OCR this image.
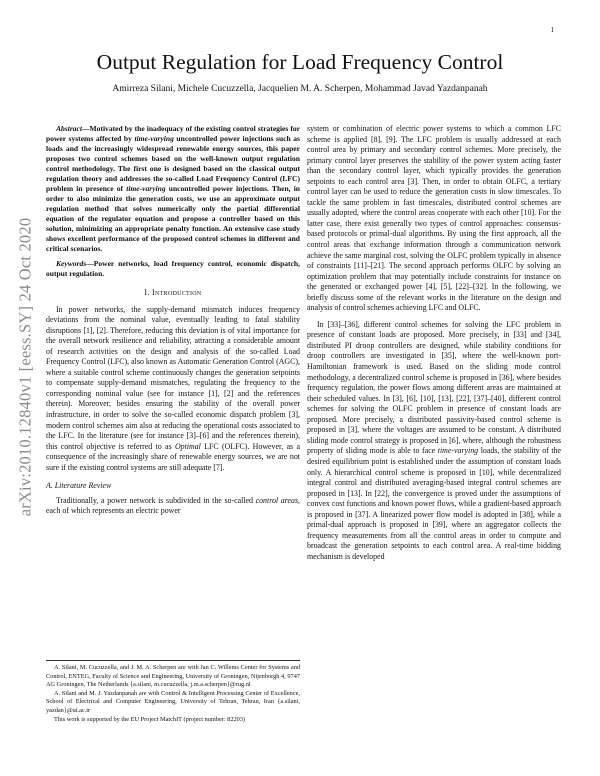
1
arXiv:2010.12840v1 [eess.SY] 24 Oct 2020
Output Regulation for Load Frequency Control

Amirreza Silani, Michele Cucuzzella, Jacquelien M. A. Scherpen, Mohammad Javad Yazdanpanah

Abstract—Motivated by the inadequacy of the existing control strategies for power systems affected by time-varying uncontrolled power injections such as loads and the increasingly widespread renewable energy sources, this paper proposes two control schemes based on the well-known output regulation control methodology. The first one is designed based on the classical output regulation theory and addresses the so-called Load Frequency Control (LFC) problem in presence of time-varying uncontrolled power injections. Then, in order to also minimize the generation costs, we use an approximate output regulation method that solves numerically only the partial differential equation of the regulator equation and propose a controller based on this solution, minimizing an appropriate penalty function. An extensive case study shows excellent performance of the proposed control schemes in different and critical scenarios.

Keywords—Power networks, load frequency control, economic dispatch, output regulation.

I. Introduction

In power networks, the supply-demand mismatch induces frequency deviations from the nominal value, eventually leading to fatal stability disruptions [1], [2]. Therefore, reducing this deviation is of vital importance for the overall network resilience and reliability, attracting a considerable amount of research activities on the design and analysis of the so-called Load Frequency Control (LFC), also known as Automatic Generation Control (AGC), where a suitable control scheme continuously changes the generation setpoints to compensate supply-demand mismatches, regulating the frequency to the corresponding nominal value (see for instance [1], [2] and the references therein). Moreover, besides ensuring the stability of the overall power infrastructure, in order to solve the so-called economic dispatch problem [3], modern control schemes aim also at reducing the operational costs associated to the LFC. In the literature (see for instance [3]–[6] and the references therein), this control objective is referred to as Optimal LFC (OLFC). However, as a consequence of the increasingly share of renewable energy sources, we are not sure if the existing control systems are still adequate [7].

A. Literature Review

Traditionally, a power network is subdivided in the so-called control areas, each of which represents an electric power

A. Silani, M. Cucuzzella, and J. M. A. Scherpen are with Jan C. Willems Center for Systems and Control, ENTEG, Faculty of Science and Engineering, University of Groningen, Nijenborgh 4, 9747 AG Groningen, The Netherlands {a.silani, m.cucuzzella, j.m.a.scherpen}@rug.nl

A. Silani and M. J. Yazdanpanah are with Control & Intelligent Processing Center of Excellence, School of Electrical and Computer Engineering, University of Tehran, Tehran, Iran {a.silani, yazdan}@ut.ac.ir

This work is supported by the EU Project MatchIT (project number: 82203)

system or combination of electric power systems to which a common LFC scheme is applied [8], [9]. The LFC problem is usually addressed at each control area by primary and secondary control schemes. More precisely, the primary control layer preserves the stability of the power system acting faster than the secondary control layer, which typically provides the generation setpoints to each control area [3]. Then, in order to obtain OLFC, a tertiary control layer can be used to reduce the generation costs in slow timescales. To tackle the same problem in fast timescales, distributed control schemes are usually adopted, where the control areas cooperate with each other [10]. For the latter case, there exist generally two types of control approaches: consensus-based protocols or primal-dual algorithms. By using the first approach, all the control areas that exchange information through a communication network achieve the same marginal cost, solving the OLFC problem typically in absence of constraints [11]–[21]. The second approach performs OLFC by solving an optimization problem that may potentially include constraints for instance on the generated or exchanged power [4], [5], [22]–[32]. In the following, we briefly discuss some of the relevant works in the literature on the design and analysis of control schemes achieving LFC and OLFC.

In [33]–[36], different control schemes for solving the LFC problem in presence of constant loads are proposed. More precisely, in [33] and [34], distributed PI droop controllers are designed, while stability conditions for droop controllers are investigated in [35], where the well-known port-Hamiltonian framework is used. Based on the sliding mode control methodology, a decentralized control scheme is proposed in [36], where besides frequency regulation, the power flows among different areas are maintained at their scheduled values. In [3], [6], [10], [13], [22], [37]–[40], different control schemes for solving the OLFC problem in presence of constant loads are proposed. More precisely, a distributed passivity-based control scheme is proposed in [3], where the voltages are assumed to be constant. A distributed sliding mode control strategy is proposed in [6], where, although the robustness property of sliding mode is able to face time-varying loads, the stability of the desired equilibrium point is established under the assumption of constant loads only. A hierarchical control scheme is proposed in [10], while decentralized integral control and distributed averaging-based integral control schemes are proposed in [13]. In [22], the convergence is proved under the assumptions of convex cost functions and known power flows, while a gradient-based approach is proposed in [37]. A linearized power flow model is adopted in [38], while a primal-dual approach is proposed in [39], where an aggregator collects the frequency measurements from all the control areas in order to compute and broadcast the generation setpoints to each control area. A real-time bidding mechanism is developed
